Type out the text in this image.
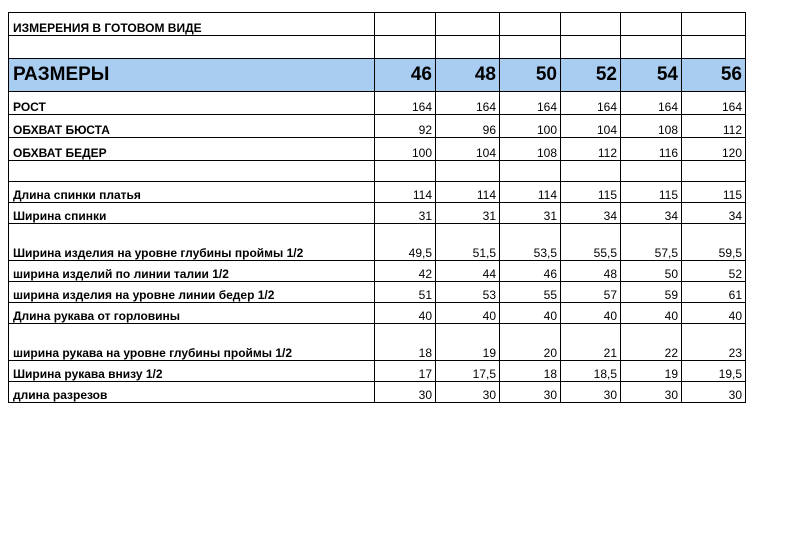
ИЗМЕРЕНИЯ В ГОТОВОМ ВИДЕ						

РАЗМЕРЫ	46	48	50	52	54	56
РОСТ	164	164	164	164	164	164
ОБХВАТ БЮСТА	92	96	100	104	108	112
ОБХВАТ БЕДЕР	100	104	108	112	116	120

Длина спинки платья	114	114	114	115	115	115
Ширина спинки	31	31	31	34	34	34
Ширина изделия на уровне глубины проймы 1/2	49,5	51,5	53,5	55,5	57,5	59,5
ширина изделий по линии талии 1/2	42	44	46	48	50	52
ширина изделия на уровне линии бедер 1/2	51	53	55	57	59	61
Длина рукава от горловины	40	40	40	40	40	40
ширина рукава на уровне глубины проймы 1/2	18	19	20	21	22	23
Ширина рукава внизу 1/2	17	17,5	18	18,5	19	19,5
длина разрезов	30	30	30	30	30	30
